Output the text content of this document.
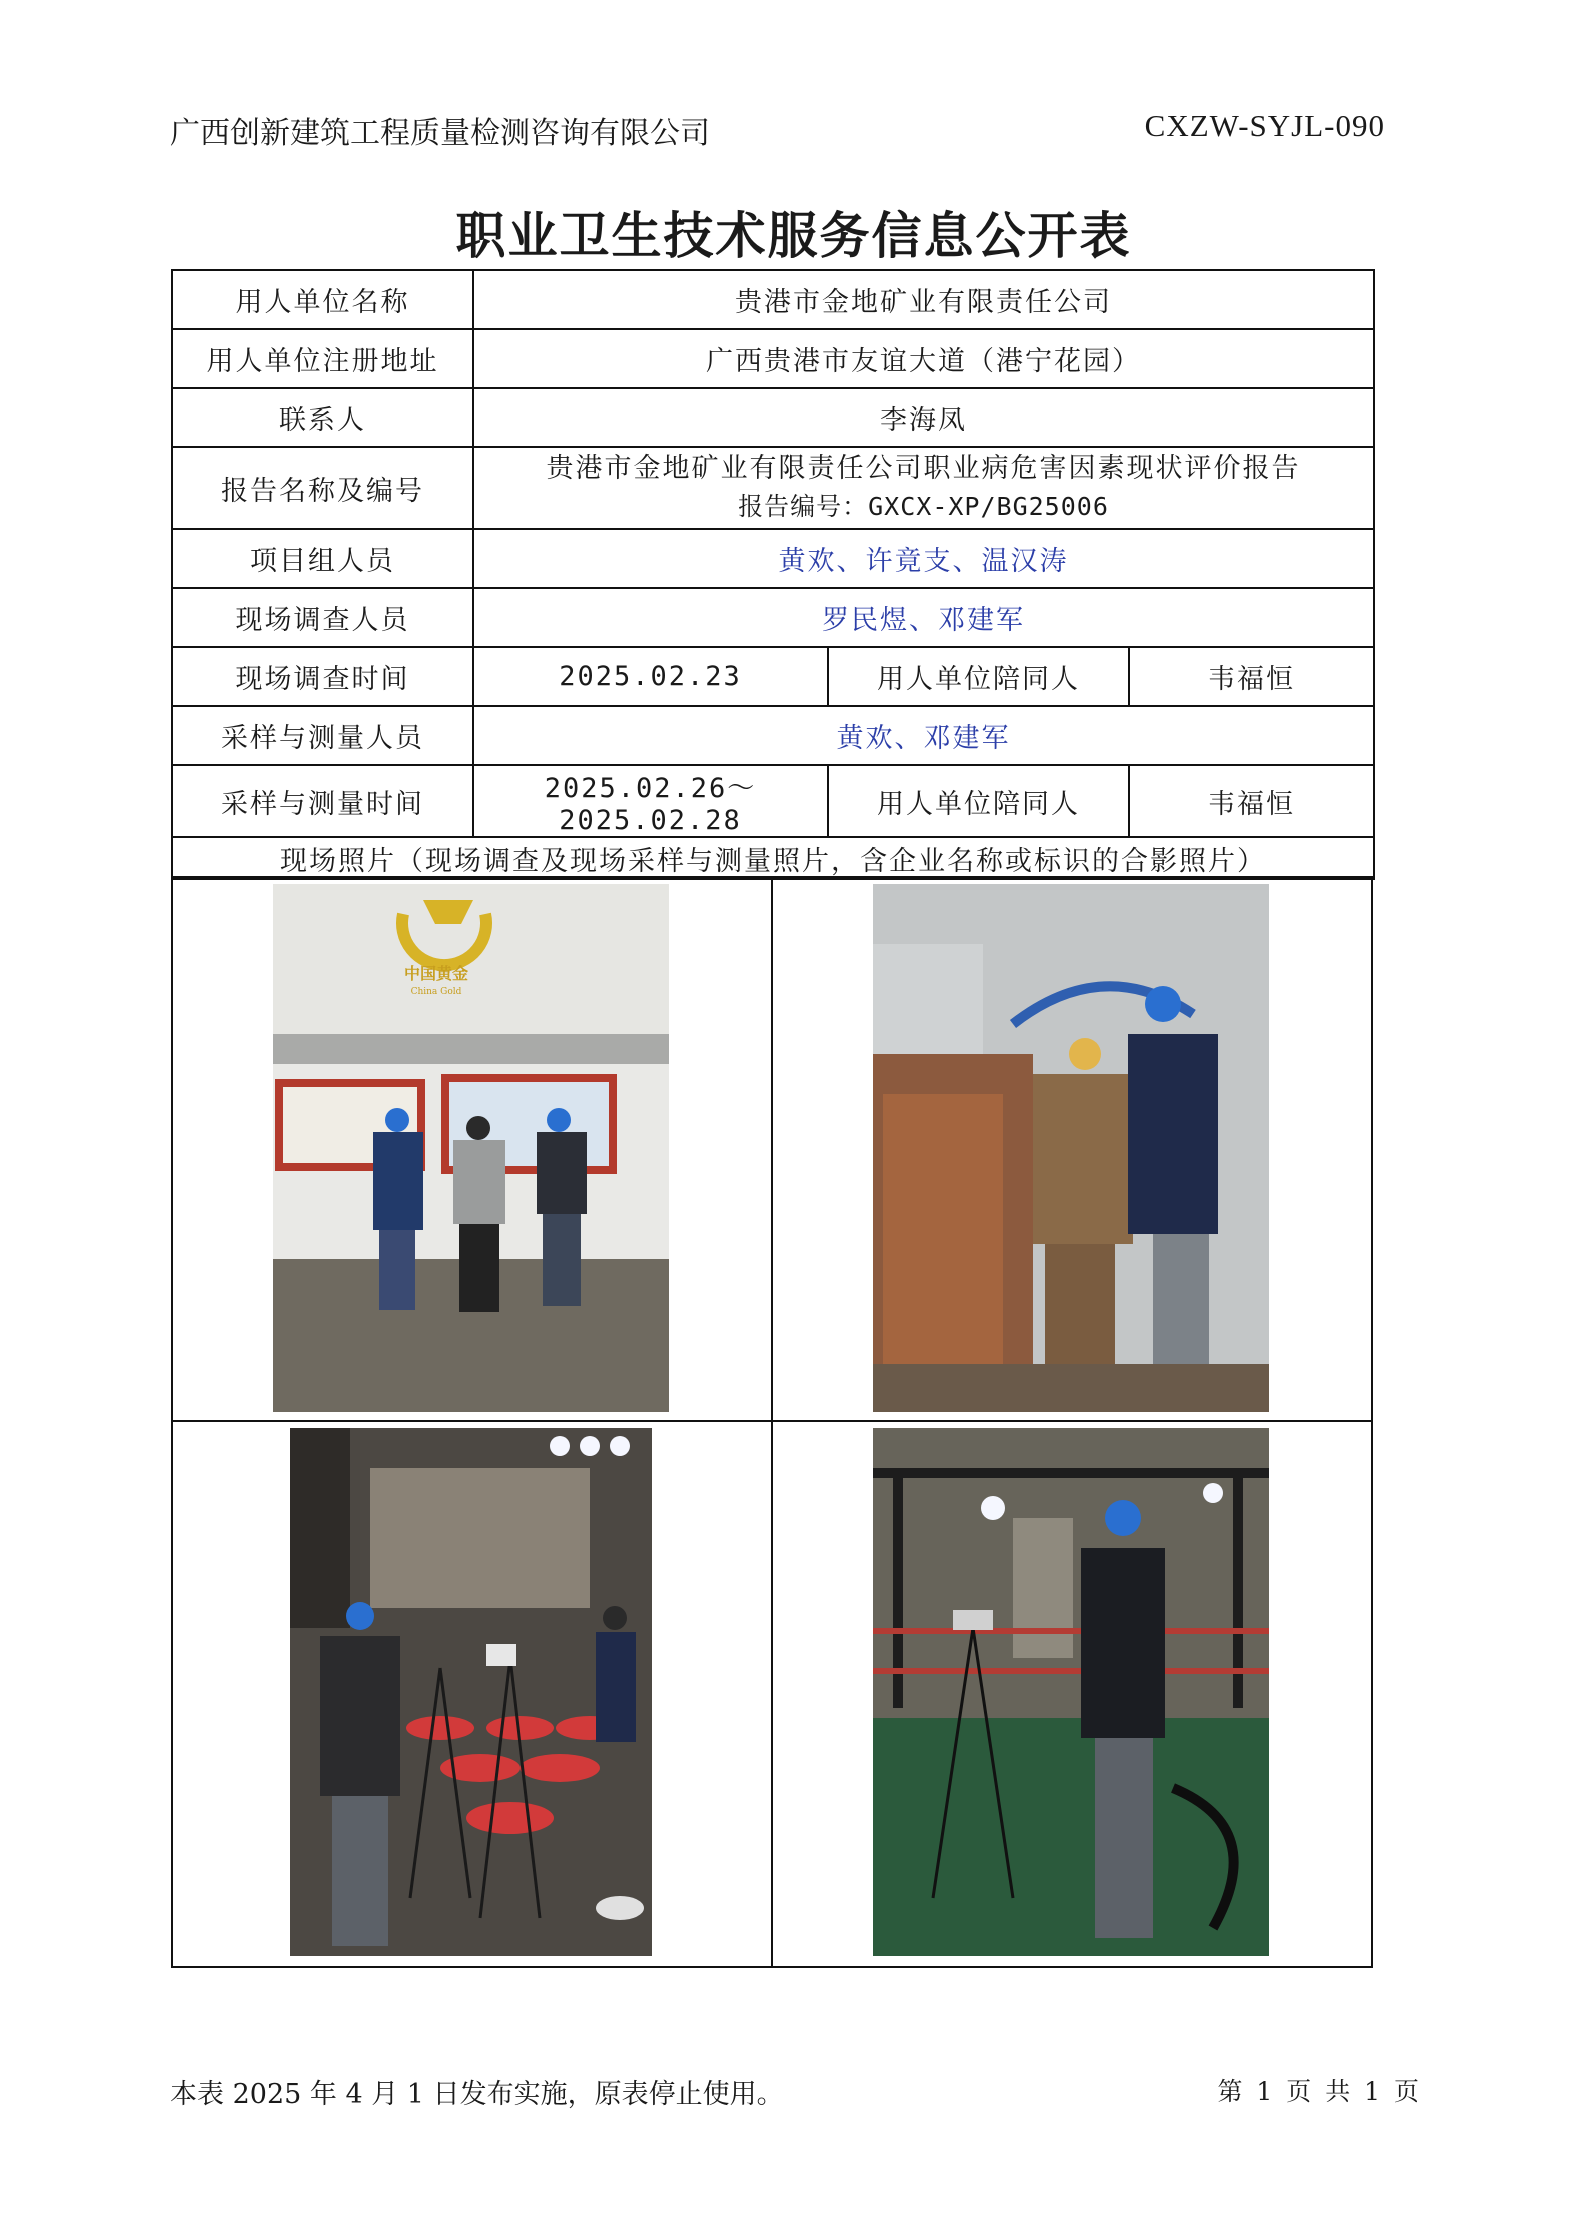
广西创新建筑工程质量检测咨询有限公司	CXZW-SYJL-090
职业卫生技术服务信息公开表
用人单位名称	贵港市金地矿业有限责任公司		
用人单位注册地址	广西贵港市友谊大道（港宁花园）		
联系人	李海凤		
报告名称及编号	贵港市金地矿业有限责任公司职业病危害因素现状评价报告
报告编号：GXCX-XP/BG25006		

项目组人员	黄欢、许竟支、温汉涛		
现场调查人员	罗民煜、邓建军		
现场调查时间	2025.02.23	用人单位陪同人	韦福恒
采样与测量人员	黄欢、邓建军		
采样与测量时间	2025.02.26～2025.02.28	用人单位陪同人	韦福恒
现场照片（现场调查及现场采样与测量照片，含企业名称或标识的合影照片）			
中国黄金
China Gold

本表 2025 年 4 月 1 日发布实施，原表停止使用。	第 1 页 共 1 页
